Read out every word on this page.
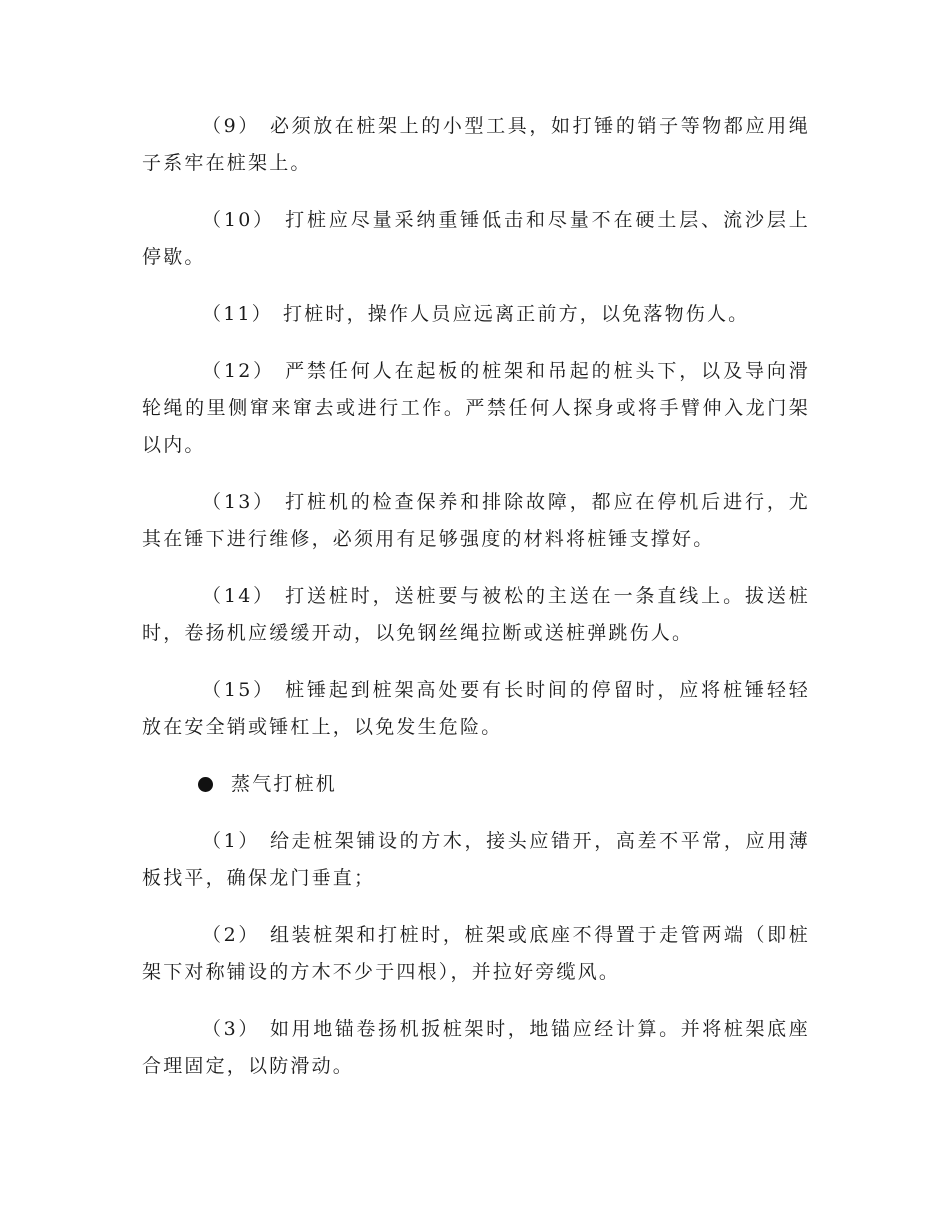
（9） 必须放在桩架上的小型工具，如打锤的销子等物都应用绳子系牢在桩架上。

（10） 打桩应尽量采纳重锤低击和尽量不在硬土层、流沙层上停歇。

（11） 打桩时，操作人员应远离正前方，以免落物伤人。

（12） 严禁任何人在起板的桩架和吊起的桩头下，以及导向滑轮绳的里侧窜来窜去或进行工作。严禁任何人探身或将手臂伸入龙门架以内。

（13） 打桩机的检查保养和排除故障，都应在停机后进行，尤其在锤下进行维修，必须用有足够强度的材料将桩锤支撑好。

（14） 打送桩时，送桩要与被松的主送在一条直线上。拔送桩时，卷扬机应缓缓开动，以免钢丝绳拉断或送桩弹跳伤人。

（15） 桩锤起到桩架高处要有长时间的停留时，应将桩锤轻轻放在安全销或锤杠上，以免发生危险。

蒸气打桩机

（1） 给走桩架铺设的方木，接头应错开，高差不平常，应用薄板找平，确保龙门垂直；

（2） 组装桩架和打桩时，桩架或底座不得置于走管两端（即桩架下对称铺设的方木不少于四根），并拉好旁缆风。

（3） 如用地锚卷扬机扳桩架时，地锚应经计算。并将桩架底座合理固定，以防滑动。
